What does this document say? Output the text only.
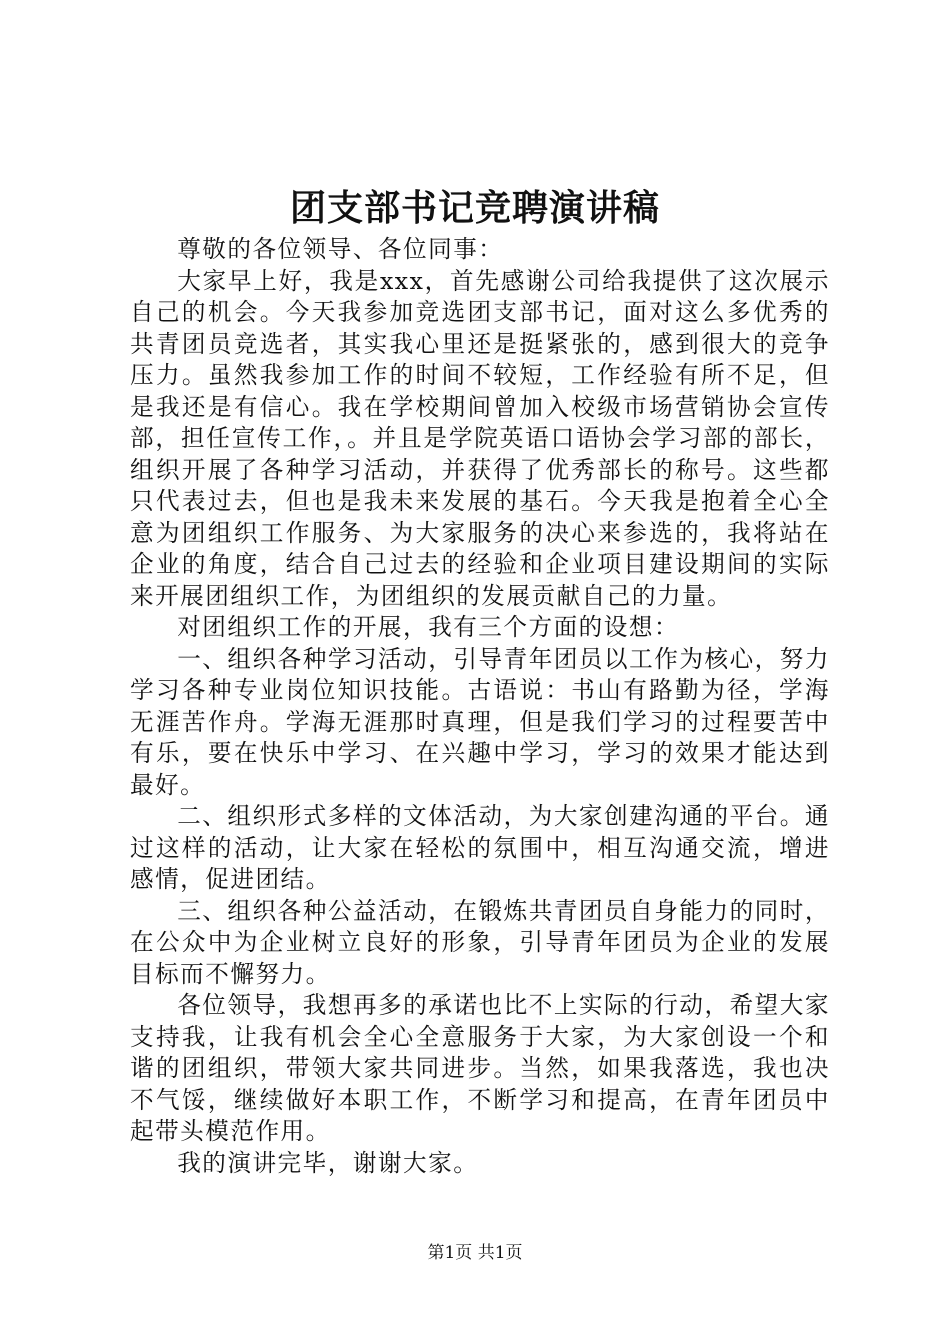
团支部书记竞聘演讲稿

尊敬的各位领导、各位同事：

大家早上好，我是xxx，首先感谢公司给我提供了这次展示自己的机会。今天我参加竞选团支部书记，面对这么多优秀的共青团员竞选者，其实我心里还是挺紧张的，感到很大的竞争压力。虽然我参加工作的时间不较短，工作经验有所不足，但是我还是有信心。我在学校期间曾加入校级市场营销协会宣传部，担任宣传工作，。并且是学院英语口语协会学习部的部长，组织开展了各种学习活动，并获得了优秀部长的称号。这些都只代表过去，但也是我未来发展的基石。今天我是抱着全心全意为团组织工作服务、为大家服务的决心来参选的，我将站在企业的角度，结合自己过去的经验和企业项目建设期间的实际来开展团组织工作，为团组织的发展贡献自己的力量。

对团组织工作的开展，我有三个方面的设想：

一、组织各种学习活动，引导青年团员以工作为核心，努力学习各种专业岗位知识技能。古语说：书山有路勤为径，学海无涯苦作舟。学海无涯那时真理，但是我们学习的过程要苦中有乐，要在快乐中学习、在兴趣中学习，学习的效果才能达到最好。

二、组织形式多样的文体活动，为大家创建沟通的平台。通过这样的活动，让大家在轻松的氛围中，相互沟通交流，增进感情，促进团结。

三、组织各种公益活动，在锻炼共青团员自身能力的同时，在公众中为企业树立良好的形象，引导青年团员为企业的发展目标而不懈努力。

各位领导，我想再多的承诺也比不上实际的行动，希望大家支持我，让我有机会全心全意服务于大家，为大家创设一个和谐的团组织，带领大家共同进步。当然，如果我落选，我也决不气馁，继续做好本职工作，不断学习和提高，在青年团员中起带头模范作用。

我的演讲完毕，谢谢大家。

第1页 共1页
